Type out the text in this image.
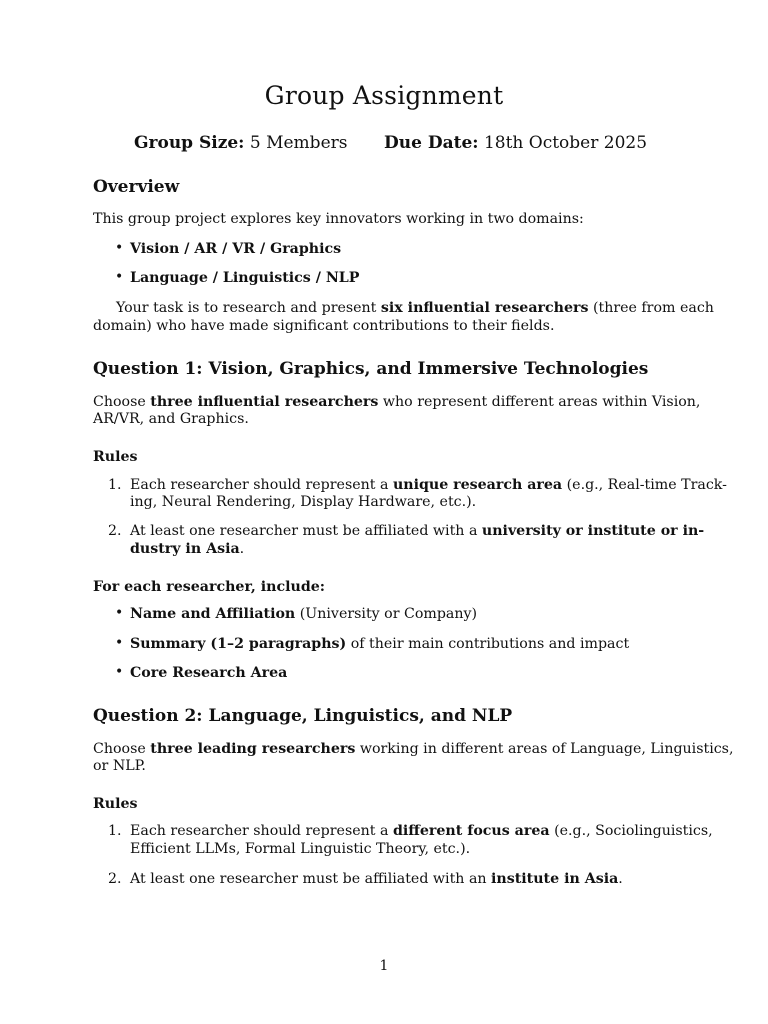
Group Assignment
Group Size: 5 Members Due Date: 18th October 2025
Overview
This group project explores key innovators working in two domains:
• Vision / AR / VR / Graphics
• Language / Linguistics / NLP
Your task is to research and present six influential researchers (three from each
domain) who have made significant contributions to their fields.
Question 1: Vision, Graphics, and Immersive Technologies
Choose three influential researchers who represent different areas within Vision,
AR/VR, and Graphics.
Rules
1. Each researcher should represent a unique research area (e.g., Real-time Track-
ing, Neural Rendering, Display Hardware, etc.).
2. At least one researcher must be affiliated with a university or institute or in-
dustry in Asia.
For each researcher, include:
• Name and Affiliation (University or Company)
• Summary (1–2 paragraphs) of their main contributions and impact
• Core Research Area
Question 2: Language, Linguistics, and NLP
Choose three leading researchers working in different areas of Language, Linguistics,
or NLP.
Rules
1. Each researcher should represent a different focus area (e.g., Sociolinguistics,
Efficient LLMs, Formal Linguistic Theory, etc.).
2. At least one researcher must be affiliated with an institute in Asia.
1
